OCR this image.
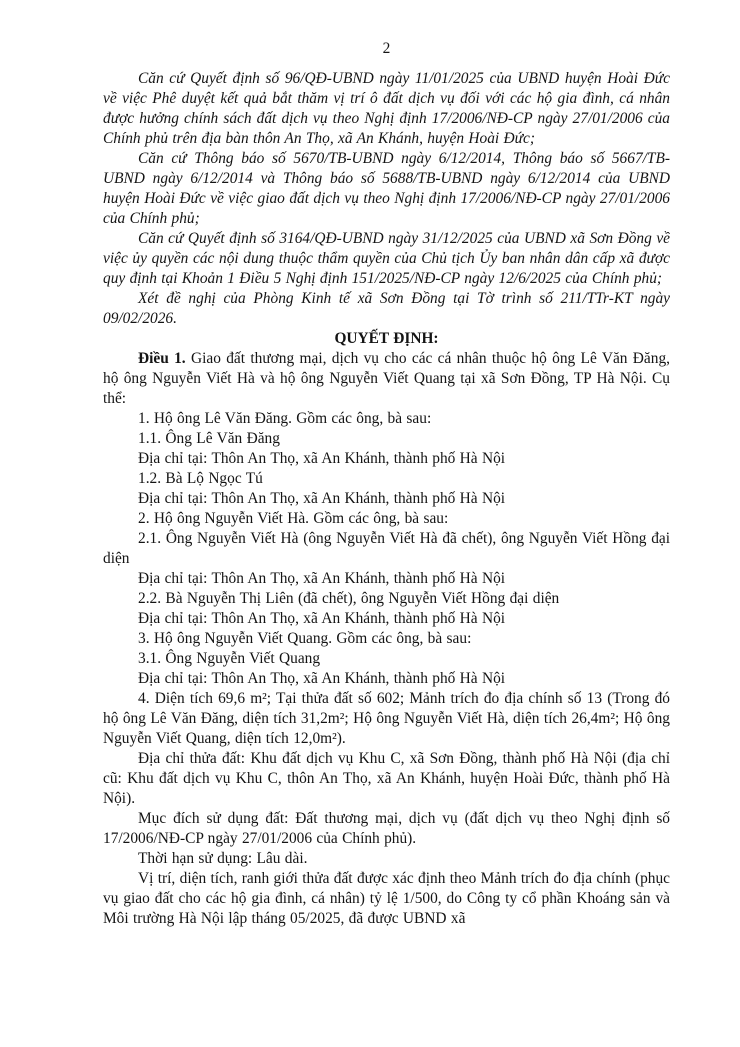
2

Căn cứ Quyết định số 96/QĐ-UBND ngày 11/01/2025 của UBND huyện Hoài Đức về việc Phê duyệt kết quả bắt thăm vị trí ô đất dịch vụ đối với các hộ gia đình, cá nhân được hưởng chính sách đất dịch vụ theo Nghị định 17/2006/NĐ-CP ngày 27/01/2006 của Chính phủ trên địa bàn thôn An Thọ, xã An Khánh, huyện Hoài Đức;

Căn cứ Thông báo số 5670/TB-UBND ngày 6/12/2014, Thông báo số 5667/TB-UBND ngày 6/12/2014 và Thông báo số 5688/TB-UBND ngày 6/12/2014 của UBND huyện Hoài Đức về việc giao đất dịch vụ theo Nghị định 17/2006/NĐ-CP ngày 27/01/2006 của Chính phủ;

Căn cứ Quyết định số 3164/QĐ-UBND ngày 31/12/2025 của UBND xã Sơn Đồng về việc ủy quyền các nội dung thuộc thẩm quyền của Chủ tịch Ủy ban nhân dân cấp xã được quy định tại Khoản 1 Điều 5 Nghị định 151/2025/NĐ-CP ngày 12/6/2025 của Chính phủ;

Xét đề nghị của Phòng Kinh tế xã Sơn Đồng tại Tờ trình số 211/TTr-KT ngày 09/02/2026.

QUYẾT ĐỊNH:

Điều 1. Giao đất thương mại, dịch vụ cho các cá nhân thuộc hộ ông Lê Văn Đăng, hộ ông Nguyễn Viết Hà và hộ ông Nguyễn Viết Quang tại xã Sơn Đồng, TP Hà Nội. Cụ thể:

1. Hộ ông Lê Văn Đăng. Gồm các ông, bà sau:

1.1. Ông Lê Văn Đăng

Địa chỉ tại: Thôn An Thọ, xã An Khánh, thành phố Hà Nội

1.2. Bà Lộ Ngọc Tú

Địa chỉ tại: Thôn An Thọ, xã An Khánh, thành phố Hà Nội

2. Hộ ông Nguyễn Viết Hà. Gồm các ông, bà sau:

2.1. Ông Nguyễn Viết Hà (ông Nguyễn Viết Hà đã chết), ông Nguyễn Viết Hồng đại diện

Địa chỉ tại: Thôn An Thọ, xã An Khánh, thành phố Hà Nội

2.2. Bà Nguyễn Thị Liên (đã chết), ông Nguyễn Viết Hồng đại diện

Địa chỉ tại: Thôn An Thọ, xã An Khánh, thành phố Hà Nội

3. Hộ ông Nguyễn Viết Quang. Gồm các ông, bà sau:

3.1. Ông Nguyễn Viết Quang

Địa chỉ tại: Thôn An Thọ, xã An Khánh, thành phố Hà Nội

4. Diện tích 69,6 m²; Tại thửa đất số 602; Mảnh trích đo địa chính số 13 (Trong đó hộ ông Lê Văn Đăng, diện tích 31,2m²; Hộ ông Nguyễn Viết Hà, diện tích 26,4m²; Hộ ông Nguyễn Viết Quang, diện tích 12,0m²).

Địa chỉ thửa đất: Khu đất dịch vụ Khu C, xã Sơn Đồng, thành phố Hà Nội (địa chỉ cũ: Khu đất dịch vụ Khu C, thôn An Thọ, xã An Khánh, huyện Hoài Đức, thành phố Hà Nội).

Mục đích sử dụng đất: Đất thương mại, dịch vụ (đất dịch vụ theo Nghị định số 17/2006/NĐ-CP ngày 27/01/2006 của Chính phủ).

Thời hạn sử dụng: Lâu dài.

Vị trí, diện tích, ranh giới thửa đất được xác định theo Mảnh trích đo địa chính (phục vụ giao đất cho các hộ gia đình, cá nhân) tỷ lệ 1/500, do Công ty cổ phần Khoáng sản và Môi trường Hà Nội lập tháng 05/2025, đã được UBND xã
